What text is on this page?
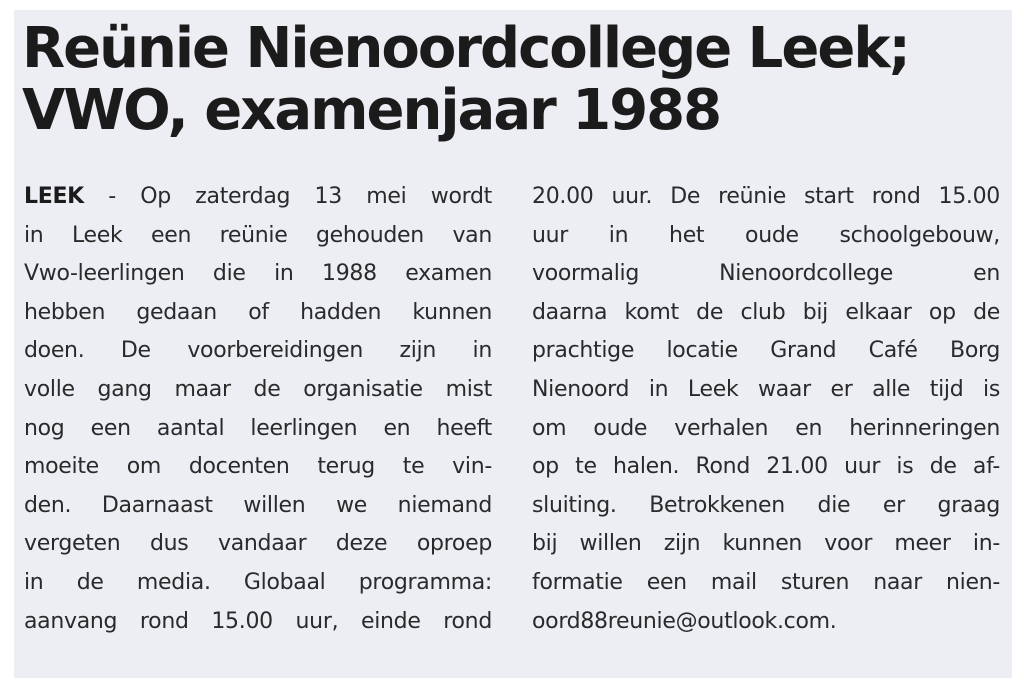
Reünie Nienoordcollege Leek;
VWO, examenjaar 1988
LEEK - Op zaterdag 13 mei wordt
in Leek een reünie gehouden van
Vwo-leerlingen die in 1988 examen
hebben gedaan of hadden kunnen
doen. De voorbereidingen zijn in
volle gang maar de organisatie mist
nog een aantal leerlingen en heeft
moeite om docenten terug te vin-
den. Daarnaast willen we niemand
vergeten dus vandaar deze oproep
in de media. Globaal programma:
aanvang rond 15.00 uur, einde rond
20.00 uur. De reünie start rond 15.00
uur in het oude schoolgebouw,
voormalig Nienoordcollege en
daarna komt de club bij elkaar op de
prachtige locatie Grand Café Borg
Nienoord in Leek waar er alle tijd is
om oude verhalen en herinneringen
op te halen. Rond 21.00 uur is de af-
sluiting. Betrokkenen die er graag
bij willen zijn kunnen voor meer in-
formatie een mail sturen naar nien-
oord88reunie@outlook.com.
